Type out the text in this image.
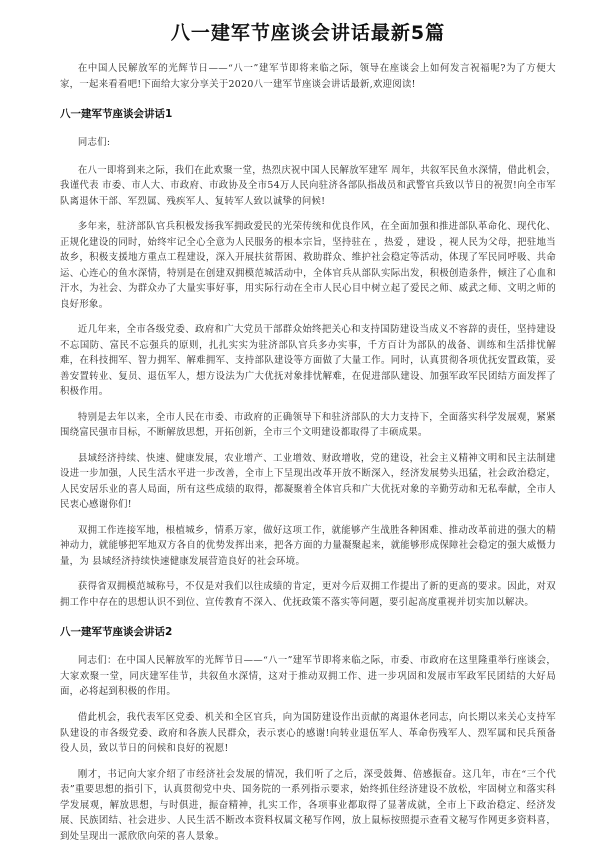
八一建军节座谈会讲话最新5篇

在中国人民解放军的光辉节日——“八一”建军节即将来临之际，领导在座谈会上如何发言祝福呢?为了方便大家，一起来看看吧!下面给大家分享关于2020八一建军节座谈会讲话最新,欢迎阅读!

八一建军节座谈会讲话1

同志们:

在八一即将到来之际，我们在此欢聚一堂，热烈庆祝中国人民解放军建军 周年，共叙军民鱼水深情，借此机会，我谨代表 市委、市人大、市政府、市政协及全市54万人民向驻济各部队指战员和武警官兵致以节日的祝贺!向全市军队离退休干部、军烈属、残疾军人、复转军人致以诚挚的问候!

多年来，驻济部队官兵积极发扬我军拥政爱民的光荣传统和优良作风，在全面加强和推进部队革命化、现代化、正规化建设的同时，始终牢记全心全意为人民服务的根本宗旨，坚持驻在 ，热爱 ，建设 ，视人民为父母，把驻地当故乡，积极支援地方重点工程建设，深入开展扶贫帮困、救助群众、维护社会稳定等活动，体现了军民同呼吸、共命运、心连心的鱼水深情，特别是在创建双拥模范城活动中，全体官兵从部队实际出发，积极创造条件，倾注了心血和汗水，为社会、为群众办了大量实事好事，用实际行动在全市人民心目中树立起了爱民之师、威武之师、文明之师的良好形象。

近几年来，全市各级党委、政府和广大党员干部群众始终把关心和支持国防建设当成义不容辞的责任，坚持建设不忘国防、富民不忘强兵的原则，扎扎实实为驻济部队官兵多办实事，千方百计为部队的战备、训练和生活排忧解难，在科技拥军、智力拥军、解难拥军、支持部队建设等方面做了大量工作。同时，认真贯彻各项优抚安置政策，妥善安置转业、复员、退伍军人，想方设法为广大优抚对象排忧解难，在促进部队建设、加强军政军民团结方面发挥了积极作用。

特别是去年以来，全市人民在市委、市政府的正确领导下和驻济部队的大力支持下，全面落实科学发展观，紧紧围绕富民强市目标，不断解放思想，开拓创新，全市三个文明建设都取得了丰硕成果。

县域经济持续、快速、健康发展，农业增产、工业增效、财政增收，党的建设，社会主义精神文明和民主法制建设进一步加强，人民生活水平进一步改善，全市上下呈现出改革开放不断深入，经济发展势头迅猛，社会政治稳定，人民安居乐业的喜人局面，所有这些成绩的取得，都凝聚着全体官兵和广大优抚对象的辛勤劳动和无私奉献，全市人民衷心感谢你们!

双拥工作连接军地，根植城乡，情系万家，做好这项工作，就能够产生战胜各种困难、推动改革前进的强大的精神动力，就能够把军地双方各自的优势发挥出来，把各方面的力量凝聚起来，就能够形成保障社会稳定的强大威慑力量，为 县域经济持续快速健康发展营造良好的社会环境。

获得省双拥模范城称号，不仅是对我们以往成绩的肯定，更对今后双拥工作提出了新的更高的要求。因此，对双拥工作中存在的思想认识不到位、宣传教育不深入、优抚政策不落实等问题，要引起高度重视并切实加以解决。

八一建军节座谈会讲话2

同志们：在中国人民解放军的光辉节日——“八一”建军节即将来临之际，市委、市政府在这里隆重举行座谈会，大家欢聚一堂，同庆建军佳节，共叙鱼水深情，这对于推动双拥工作、进一步巩固和发展市军政军民团结的大好局面，必将起到积极的作用。

借此机会，我代表军区党委、机关和全区官兵，向为国防建设作出贡献的离退休老同志，向长期以来关心支持军队建设的市各级党委、政府和各族人民群众，表示衷心的感谢!向转业退伍军人、革命伤残军人、烈军属和民兵预备役人员，致以节日的问候和良好的祝愿!

刚才，书记向大家介绍了市经济社会发展的情况，我们听了之后，深受鼓舞、倍感振奋。这几年，市在“三个代表”重要思想的指引下，认真贯彻党中央、国务院的一系列指示要求，始终抓住经济建设不放松，牢固树立和落实科学发展观，解放思想，与时俱进，振奋精神，扎实工作，各项事业都取得了显著成就，全市上下政治稳定、经济发展、民族团结、社会进步、人民生活不断改本资料权属文秘写作网，放上鼠标按照提示查看文秘写作网更多资料喜，到处呈现出一派欣欣向荣的喜人景象。
